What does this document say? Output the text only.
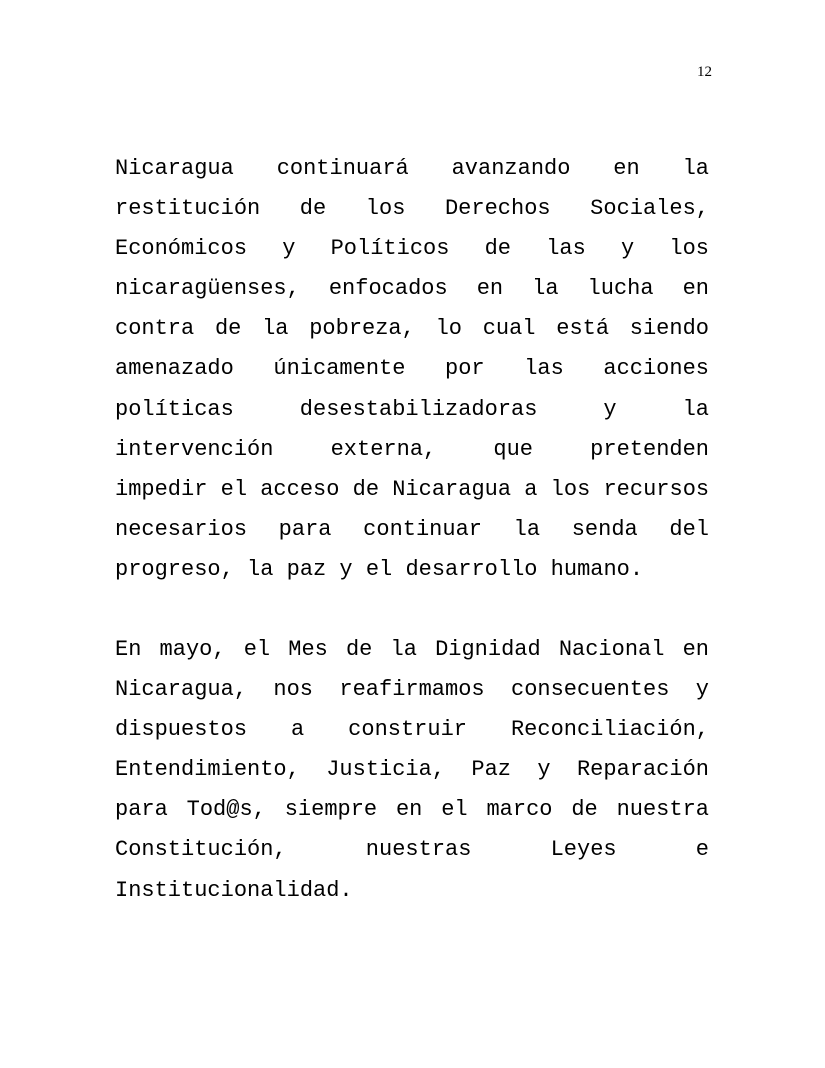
12
Nicaragua continuará avanzando en la
restitución de los Derechos Sociales,
Económicos y Políticos de las y los
nicaragüenses, enfocados en la lucha en
contra de la pobreza, lo cual está siendo
amenazado únicamente por las acciones
políticas desestabilizadoras y la
intervención externa, que pretenden
impedir el acceso de Nicaragua a los recursos
necesarios para continuar la senda del
progreso, la paz y el desarrollo humano.
En mayo, el Mes de la Dignidad Nacional en
Nicaragua, nos reafirmamos consecuentes y
dispuestos a construir Reconciliación,
Entendimiento, Justicia, Paz y Reparación
para Tod@s, siempre en el marco de nuestra
Constitución, nuestras Leyes e
Institucionalidad.
